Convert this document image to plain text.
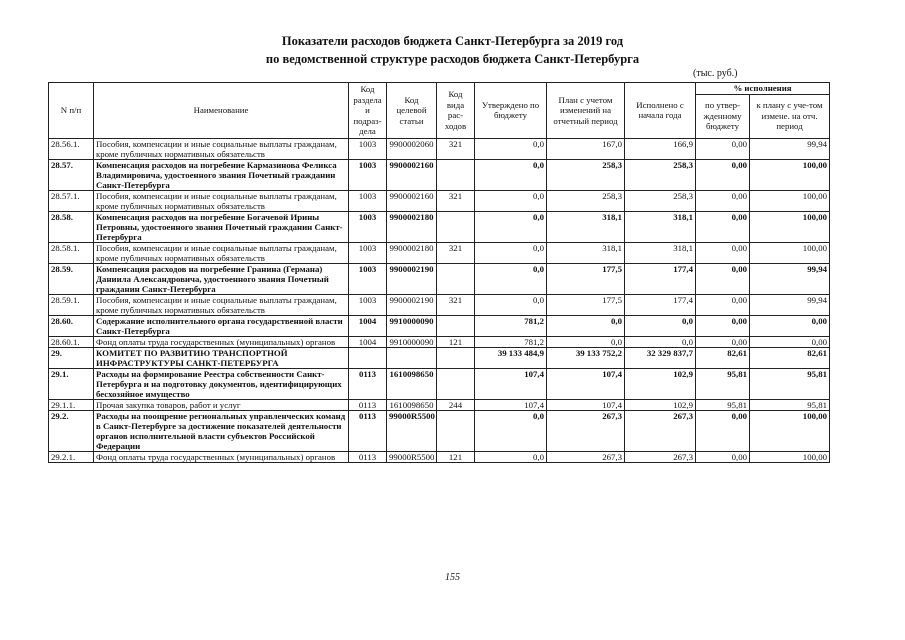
Показатели расходов бюджета Санкт-Петербурга за 2019 год
по ведомственной структуре расходов бюджета Санкт-Петербурга
(тыс. руб.)
N п/п	Наименование	Код раздела и подраз-дела	Код целевой статьи	Код вида рас-ходов	Утверждено по бюджету	План с учетом изменений на отчетный период	Исполнено с начала года	% исполнения	
								по утвер-жденному бюджету	к плану с уче-том измене. на отч. период
28.56.1.	Пособия, компенсации и иные социальные выплаты гражданам, кроме публичных нормативных обязательств	1003	9900002060	321	0,0	167,0	166,9	0,00	99,94
28.57.	Компенсация расходов на погребение Кармазинова Феликса Владимировича, удостоенного звания Почетный гражданин Санкт-Петербурга	1003	9900002160		0,0	258,3	258,3	0,00	100,00
28.57.1.	Пособия, компенсации и иные социальные выплаты гражданам, кроме публичных нормативных обязательств	1003	9900002160	321	0,0	258,3	258,3	0,00	100,00
28.58.	Компенсация расходов на погребение Богачевой Ирины Петровны, удостоенного звания Почетный гражданин Санкт-Петербурга	1003	9900002180		0,0	318,1	318,1	0,00	100,00
28.58.1.	Пособия, компенсации и иные социальные выплаты гражданам, кроме публичных нормативных обязательств	1003	9900002180	321	0,0	318,1	318,1	0,00	100,00
28.59.	Компенсация расходов на погребение Гранина (Германа) Даниила Александровича, удостоенного звания Почетный гражданин Санкт-Петербурга	1003	9900002190		0,0	177,5	177,4	0,00	99,94
28.59.1.	Пособия, компенсации и иные социальные выплаты гражданам, кроме публичных нормативных обязательств	1003	9900002190	321	0,0	177,5	177,4	0,00	99,94
28.60.	Содержание исполнительного органа государственной власти Санкт-Петербурга	1004	9910000090		781,2	0,0	0,0	0,00	0,00
28.60.1.	Фонд оплаты труда государственных (муниципальных) органов	1004	9910000090	121	781,2	0,0	0,0	0,00	0,00
29.	КОМИТЕТ ПО РАЗВИТИЮ ТРАНСПОРТНОЙ ИНФРАСТРУКТУРЫ САНКТ-ПЕТЕРБУРГА				39 133 484,9	39 133 752,2	32 329 837,7	82,61	82,61
29.1.	Расходы на формирование Реестра собственности Санкт-Петербурга и на подготовку документов, идентифицирующих бесхозяйное имущество	0113	1610098650		107,4	107,4	102,9	95,81	95,81
29.1.1.	Прочая закупка товаров, работ и услуг	0113	1610098650	244	107,4	107,4	102,9	95,81	95,81
29.2.	Расходы на поощрение региональных управленческих команд в Санкт-Петербурге за достижение показателей деятельности органов исполнительной власти субъектов Российской Федерации	0113	99000R5500		0,0	267,3	267,3	0,00	100,00
29.2.1.	Фонд оплаты труда государственных (муниципальных) органов	0113	99000R5500	121	0,0	267,3	267,3	0,00	100,00
155
